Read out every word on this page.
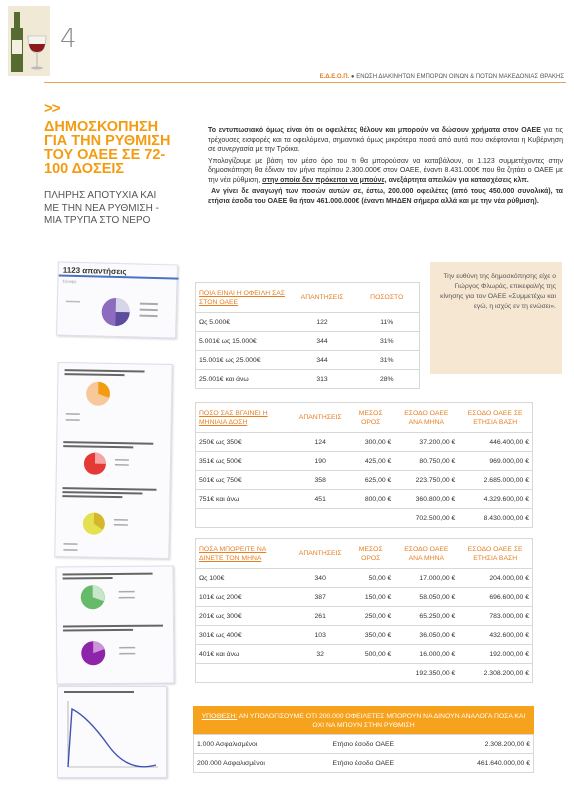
4
Ε.Δ.Ε.Ο.Π. ● ΕΝΩΣΗ ΔΙΑΚΙΝΗΤΩΝ ΕΜΠΟΡΩΝ ΟΙΝΩΝ & ΠΟΤΩΝ ΜΑΚΕΔΟΝΙΑΣ ΘΡΑΚΗΣ
>>
ΔΗΜΟΣΚΟΠΗΣΗ ΓΙΑ ΤΗΝ ΡΥΘΜΙΣΗ ΤΟΥ ΟΑΕΕ ΣΕ 72-100 ΔΟΣΕΙΣ
ΠΛΗΡΗΣ ΑΠΟΤΥΧΙΑ ΚΑΙ ΜΕ ΤΗΝ ΝΕΑ ΡΥΘΜΙΣΗ - ΜΙΑ ΤΡΥΠΑ ΣΤΟ ΝΕΡΟ

Το εντυπωσιακό όμως είναι ότι οι οφειλέτες θέλουν και μπορούν να δώσουν χρήματα στον ΟΑΕΕ για τις τρέχουσες εισφορές και τα οφειλόμενα, σημαντικά όμως μικρότερα ποσά από αυτά που σκέφτονται η Κυβέρνηση σε συνεργασία με την Τρόικα.

Υπολογίζουμε με βάση τον μέσο όρο του τι θα μπορούσαν να καταβάλουν, οι 1.123 συμμετέχοντες στην δημοσκόπηση θα έδιναν τον μήνα περίπου 2.300.000€ στον ΟΑΕΕ, έναντι 8.431.000€ που θα ζητάει ο ΟΑΕΕ με την νέα ρύθμιση, στην οποία δεν πρόκειται να μπούνε, ανεξάρτητα απειλών για κατασχέσεις κλπ.

Αν γίνει δε αναγωγή των ποσών αυτών σε, έστω, 200.000 οφειλέτες (από τους 450.000 συνολικά), τα ετήσια έσοδα του ΟΑΕΕ θα ήταν 461.000.000€ (έναντι ΜΗΔΕΝ σήμερα αλλά και με την νέα ρύθμιση).

Την ευθύνη της δημοσκόπησης είχε ο Γιώργος Φλωράς, επικεφαλής της κίνησης για τον ΟΑΕΕ «Συμμετέχω και εγώ, η ισχύς εν τη ενώσει».
1123 απαντήσεις
Σύνοψη
ΠΟΙΑ ΕΙΝΑΙ Η ΟΦΕΙΛΗ ΣΑΣ ΣΤΟΝ ΟΑΕΕ	ΑΠΑΝΤΗΣΕΙΣ	ΠΟΣΟΣΤΟ
Ως 5.000€	122	11%
5.001€ ως 15.000€	344	31%
15.001€ ως 25.000€	344	31%
25.001€ και άνω	313	28%
ΠΟΣΟ ΣΑΣ ΒΓΑΙΝΕΙ Η ΜΗΝΙΑΙΑ ΔΟΣΗ	ΑΠΑΝΤΗΣΕΙΣ	ΜΕΣΟΣ ΟΡΟΣ	ΕΣΟΔΟ ΟΑΕΕ ΑΝΑ ΜΗΝΑ	ΕΣΟΔΟ ΟΑΕΕ ΣΕ ΕΤΗΣΙΑ ΒΑΣΗ
250€ ως 350€	124	300,00 €	37.200,00 €	446.400,00 €
351€ ως 500€	190	425,00 €	80.750,00 €	969.000,00 €
501€ ως 750€	358	625,00 €	223.750,00 €	2.685.000,00 €
751€ και άνω	451	800,00 €	360.800,00 €	4.329.600,00 €
			702.500,00 €	8.430.000,00 €
ΠΟΣΑ ΜΠΟΡΕΙΤΕ ΝΑ ΔΙΝΕΤΕ ΤΟΝ ΜΗΝΑ	ΑΠΑΝΤΗΣΕΙΣ	ΜΕΣΟΣ ΟΡΟΣ	ΕΣΟΔΟ ΟΑΕΕ ΑΝΑ ΜΗΝΑ	ΕΣΟΔΟ ΟΑΕΕ ΣΕ ΕΤΗΣΙΑ ΒΑΣΗ
Ως 100€	340	50,00 €	17.000,00 €	204.000,00 €
101€ ως 200€	387	150,00 €	58.050,00 €	696.600,00 €
201€ ως 300€	261	250,00 €	65.250,00 €	783.000,00 €
301€ ως 400€	103	350,00 €	36.050,00 €	432.600,00 €
401€ και άνω	32	500,00 €	16.000,00 €	192.000,00 €
			192.350,00 €	2.308.200,00 €
ΥΠΟΘΕΣΗ: ΑΝ ΥΠΟΛΟΓΙΣΟΥΜΕ ΟΤΙ 200.000 ΟΦΕΙΛΕΤΕΣ ΜΠΟΡΟΥΝ ΝΑ ΔΙΝΟΥΝ ΑΝΑΛΟΓΑ ΠΟΣΑ ΚΑΙ ΟΧΙ ΝΑ ΜΠΟΥΝ ΣΤΗΝ ΡΥΘΜΙΣΗ
1.000 Ασφαλισμένοι	Ετήσιο έσοδο ΟΑΕΕ	2.308.200,00 €
200.000 Ασφαλισμένοι	Ετήσιο έσοδο ΟΑΕΕ	461.640.000,00 €
